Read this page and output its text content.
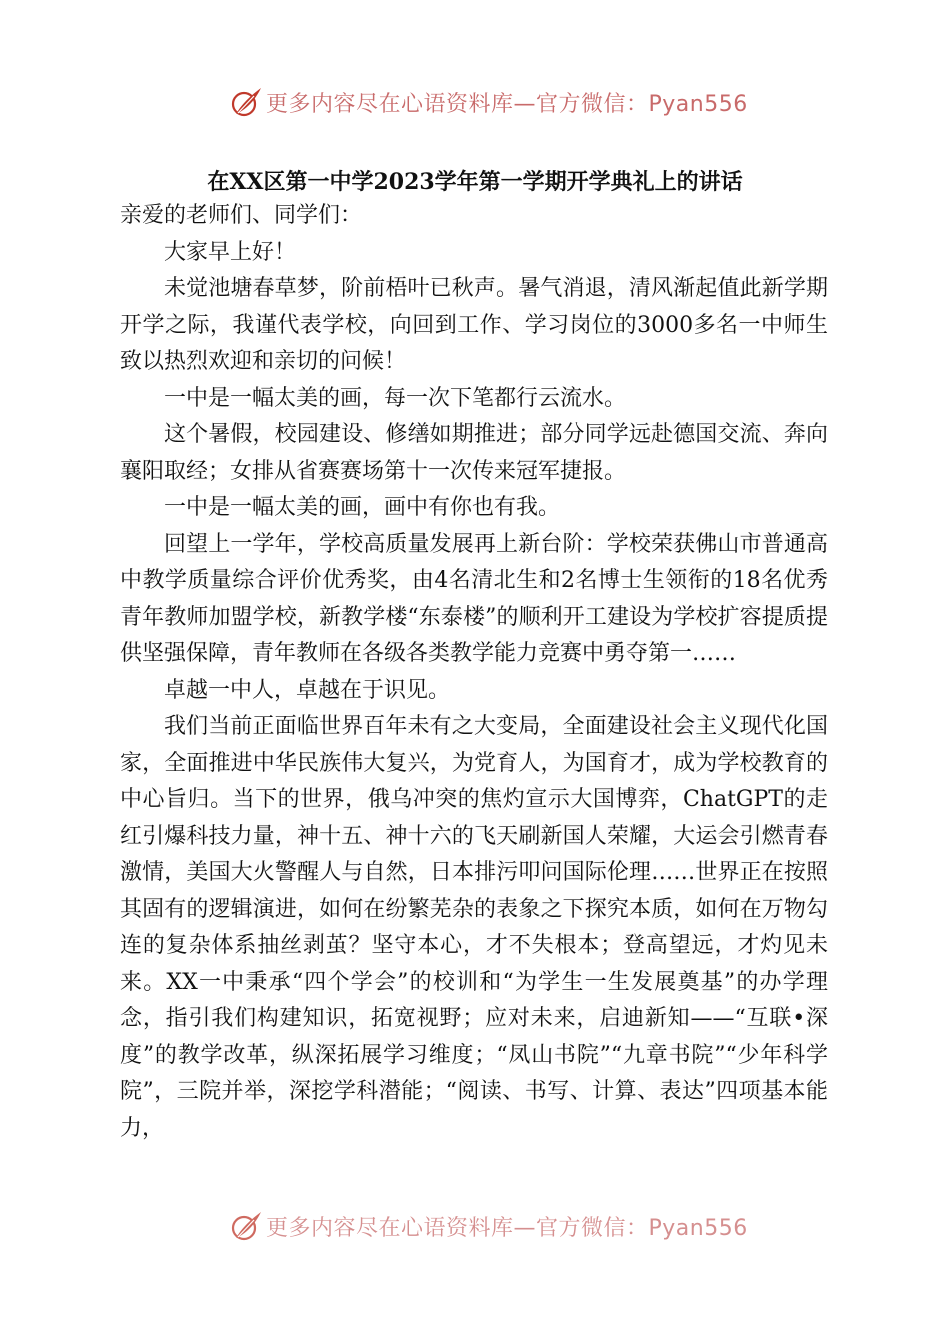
更多内容尽在心语资料库—官方微信：Pyan556
在XX区第一中学2023学年第一学期开学典礼上的讲话

亲爱的老师们、同学们：

大家早上好！

未觉池塘春草梦，阶前梧叶已秋声。暑气消退，清风渐起值此新学期开学之际，我谨代表学校，向回到工作、学习岗位的3000多名一中师生致以热烈欢迎和亲切的问候！

一中是一幅太美的画，每一次下笔都行云流水。

这个暑假，校园建设、修缮如期推进；部分同学远赴德国交流、奔向襄阳取经；女排从省赛赛场第十一次传来冠军捷报。

一中是一幅太美的画，画中有你也有我。

回望上一学年，学校高质量发展再上新台阶：学校荣获佛山市普通高中教学质量综合评价优秀奖，由4名清北生和2名博士生领衔的18名优秀青年教师加盟学校，新教学楼“东泰楼”的顺利开工建设为学校扩容提质提供坚强保障，青年教师在各级各类教学能力竞赛中勇夺第一……

卓越一中人，卓越在于识见。

我们当前正面临世界百年未有之大变局，全面建设社会主义现代化国家，全面推进中华民族伟大复兴，为党育人，为国育才，成为学校教育的中心旨归。当下的世界，俄乌冲突的焦灼宣示大国博弈，ChatGPT的走红引爆科技力量，神十五、神十六的飞天刷新国人荣耀，大运会引燃青春激情，美国大火警醒人与自然，日本排污叩问国际伦理……世界正在按照其固有的逻辑演进，如何在纷繁芜杂的表象之下探究本质，如何在万物勾连的复杂体系抽丝剥茧？坚守本心，才不失根本；登高望远，才灼见未来。XX一中秉承“四个学会”的校训和“为学生一生发展奠基”的办学理念，指引我们构建知识，拓宽视野；应对未来，启迪新知——“互联•深度”的教学改革，纵深拓展学习维度；“凤山书院”“九章书院”“少年科学院”，三院并举，深挖学科潜能；“阅读、书写、计算、表达”四项基本能力，

更多内容尽在心语资料库—官方微信：Pyan556
